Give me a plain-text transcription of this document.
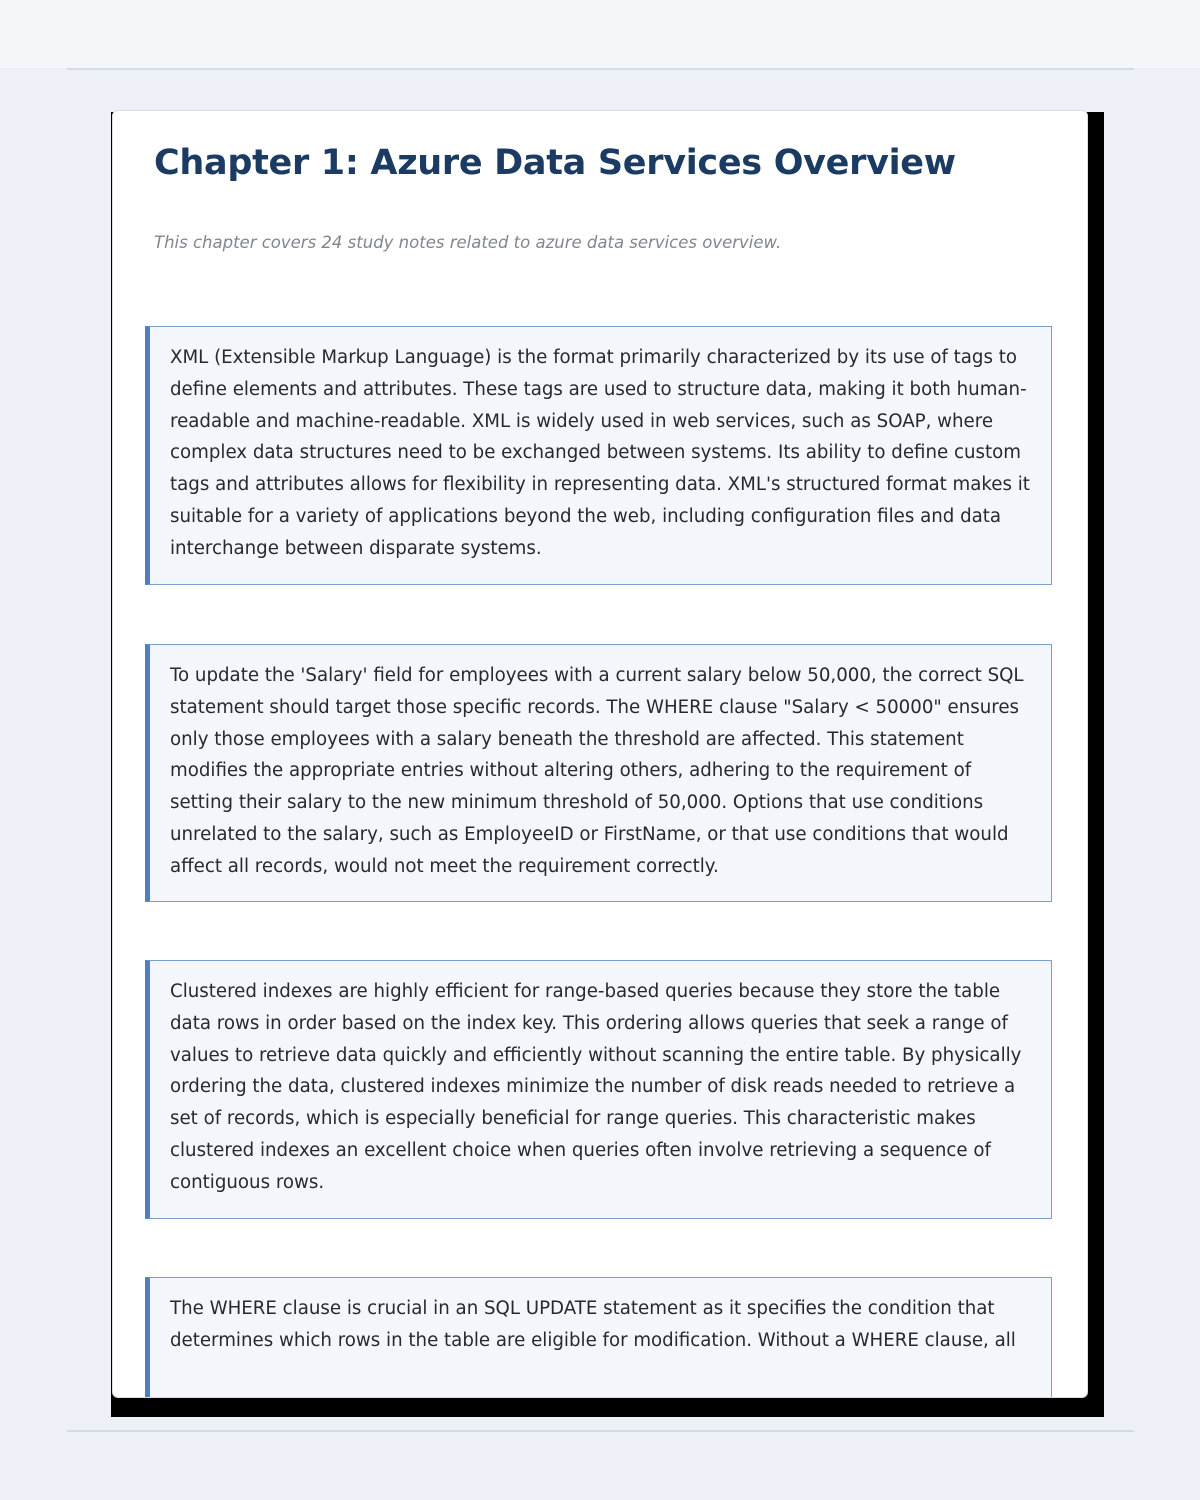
Chapter 1: Azure Data Services Overview

This chapter covers 24 study notes related to azure data services overview.

XML (Extensible Markup Language) is the format primarily characterized by its use of tags to define elements and attributes. These tags are used to structure data, making it both human-readable and machine-readable. XML is widely used in web services, such as SOAP, where complex data structures need to be exchanged between systems. Its ability to define custom tags and attributes allows for flexibility in representing data. XML's structured format makes it suitable for a variety of applications beyond the web, including configuration files and data interchange between disparate systems.

To update the 'Salary' field for employees with a current salary below 50,000, the correct SQL statement should target those specific records. The WHERE clause "Salary < 50000" ensures only those employees with a salary beneath the threshold are affected. This statement modifies the appropriate entries without altering others, adhering to the requirement of setting their salary to the new minimum threshold of 50,000. Options that use conditions unrelated to the salary, such as EmployeeID or FirstName, or that use conditions that would affect all records, would not meet the requirement correctly.

Clustered indexes are highly efficient for range-based queries because they store the table data rows in order based on the index key. This ordering allows queries that seek a range of values to retrieve data quickly and efficiently without scanning the entire table. By physically ordering the data, clustered indexes minimize the number of disk reads needed to retrieve a set of records, which is especially beneficial for range queries. This characteristic makes clustered indexes an excellent choice when queries often involve retrieving a sequence of contiguous rows.

The WHERE clause is crucial in an SQL UPDATE statement as it specifies the condition that determines which rows in the table are eligible for modification. Without a WHERE clause, all
